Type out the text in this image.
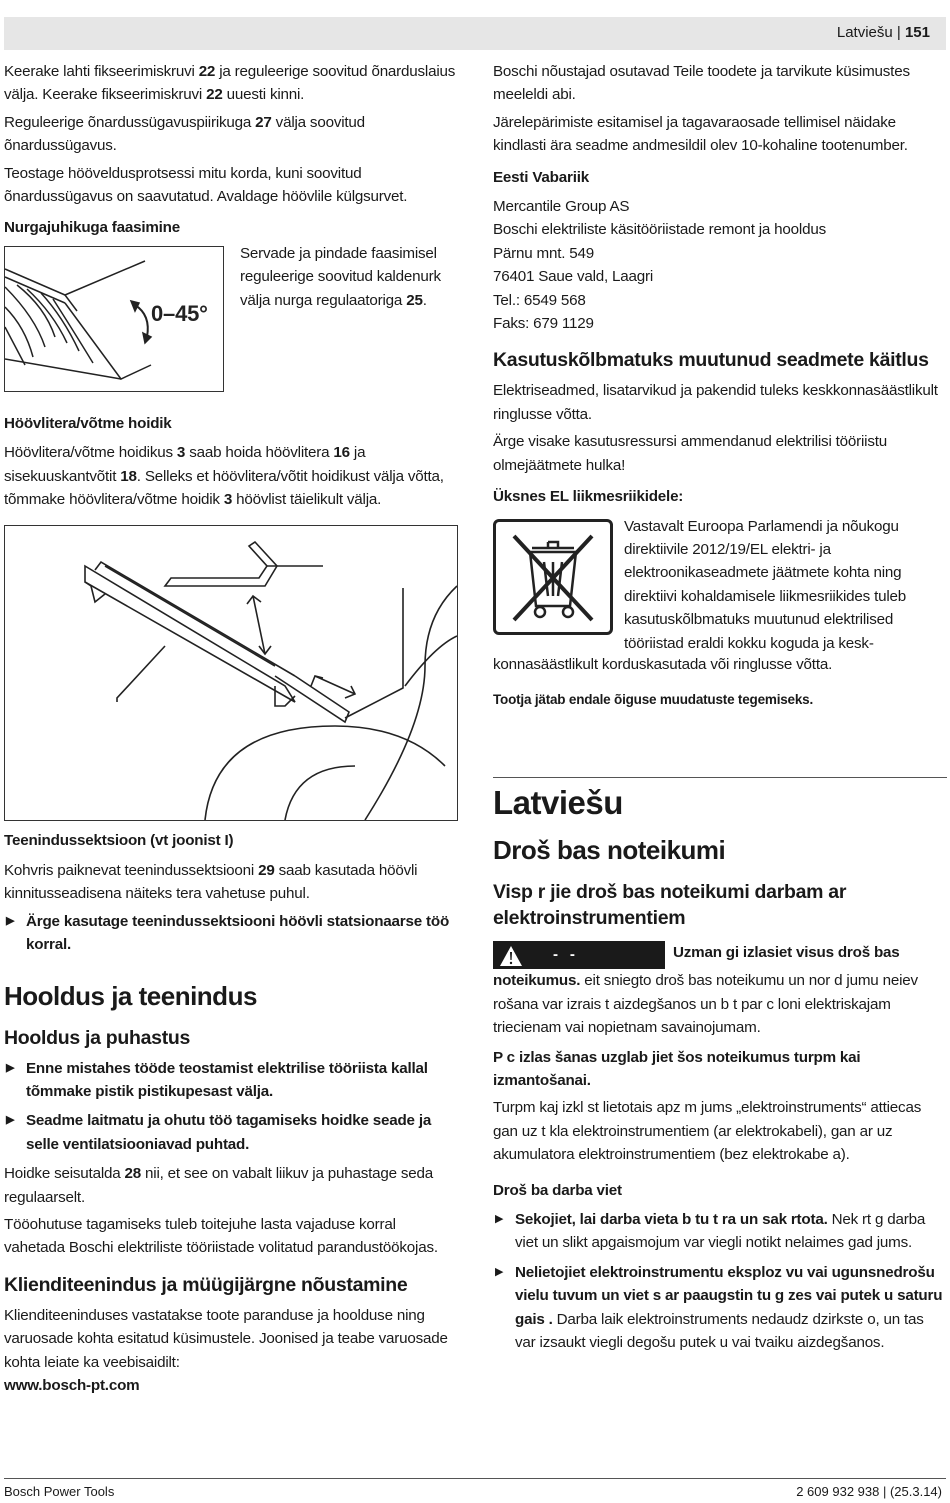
Latviešu | 151

Keerake lahti fikseerimiskruvi 22 ja reguleerige soovitud õnarduslaius välja. Keerake fikseerimiskruvi 22 uuesti kinni.

Reguleerige õnardussügavuspiirikuga 27 välja soovitud õnardussügavus.

Teostage hööveldusprotsessi mitu korda, kuni soovitud õnardussügavus on saavutatud. Avaldage höövlile külgsurvet.

Nurgajuhikuga faasimine
0–45°
Servade ja pindade faasimisel reguleerige soovitud kaldenurk välja nurga regulaatoriga 25.
Höövlitera/võtme hoidik

Höövlitera/võtme hoidikus 3 saab hoida höövlitera 16 ja sisekuuskantvõtit 18. Selleks et höövlitera/võtit hoidikust välja võtta, tõmmake höövlitera/võtme hoidik 3 höövlist täielikult välja.

Teenindussektsioon (vt joonist I)

Kohvris paiknevat teenindussektsiooni 29 saab kasutada höövli kinnitusseadisena näiteks tera vahetuse puhul.

▶ Ärge kasutage teenindussektsiooni höövli statsionaarse töö korral.
Hooldus ja teenindus
Hooldus ja puhastus
▶ Enne mistahes tööde teostamist elektrilise tööriista kallal tõmmake pistik pistikupesast välja.
▶ Seadme laitmatu ja ohutu töö tagamiseks hoidke seade ja selle ventilatsiooniavad puhtad.

Hoidke seisutalda 28 nii, et see on vabalt liikuv ja puhastage seda regulaarselt.

Tööohutuse tagamiseks tuleb toitejuhe lasta vajaduse korral vahetada Boschi elektriliste tööriistade volitatud parandustöökojas.

Klienditeenindus ja müügijärgne nõustamine

Klienditeeninduses vastatakse toote paranduse ja hoolduse ning varuosade kohta esitatud küsimustele. Joonised ja teabe varuosade kohta leiate ka veebisaidilt:

www.bosch-pt.com

Boschi nõustajad osutavad Teile toodete ja tarvikute küsimustes meeleldi abi.

Järelepärimiste esitamisel ja tagavaraosade tellimisel näidake kindlasti ära seadme andmesildil olev 10-kohaline tootenumber.

Eesti Vabariik
Mercantile Group AS
Boschi elektriliste käsitööriistade remont ja hooldus
Pärnu mnt. 549
76401 Saue vald, Laagri
Tel.: 6549 568
Faks: 679 1129
Kasutuskõlbmatuks muutunud seadmete käitlus

Elektriseadmed, lisatarvikud ja pakendid tuleks keskkonnasäästlikult ringlusse võtta.

Ärge visake kasutusressursi ammendanud elektrilisi tööriistu olmejäätmete hulka!

Üksnes EL liikmesriikidele:
Vastavalt Euroopa Parlamendi ja nõukogu direktiivile 2012/19/EL elektri- ja elektroonikaseadmete jäätmete kohta ning direktiivi kohaldamisele liikmesriikides tuleb kasutuskõlbmatuks muutunud elektrilised tööriistad eraldi kokku koguda ja kesk-

konnasäästlikult korduskasutada või ringlusse võtta.

Tootja jätab endale õiguse muudatuste tegemiseks.
Latviešu
Droš bas noteikumi
Visp r jie droš bas noteikumi darbam ar elektroinstrumentiem
-   -	Uzman gi izlasiet visus droš bas noteikumus. eit sniegto droš bas noteikumu un nor d jumu neiev rošana var izrais t aizdegšanos un b t par c loni elektriskajam triecienam vai nopietnam savainojumam.

P c izlas šanas uzglab jiet šos noteikumus turpm kai izmantošanai.

Turpm kaj izkl st lietotais apz m jums „elektroinstruments“ attiecas gan uz t kla elektroinstrumentiem (ar elektrokabeli), gan ar uz akumulatora elektroinstrumentiem (bez elektrokabe a).

Droš ba darba viet
▶ Sekojiet, lai darba vieta b tu t ra un sak rtota. Nek rt g darba viet un slikt apgaismojum var viegli notikt nelaimes gad jums.
▶ Nelietojiet elektroinstrumentu eksploz vu vai ugunsnedrošu vielu tuvum un viet s ar paaugstin tu g zes vai putek u saturu gais . Darba laik elektroinstruments nedaudz dzirkste o, un tas var izsaukt viegli degošu putek u vai tvaiku aizdegšanos.
Bosch Power Tools	2 609 932 938 | (25.3.14)
